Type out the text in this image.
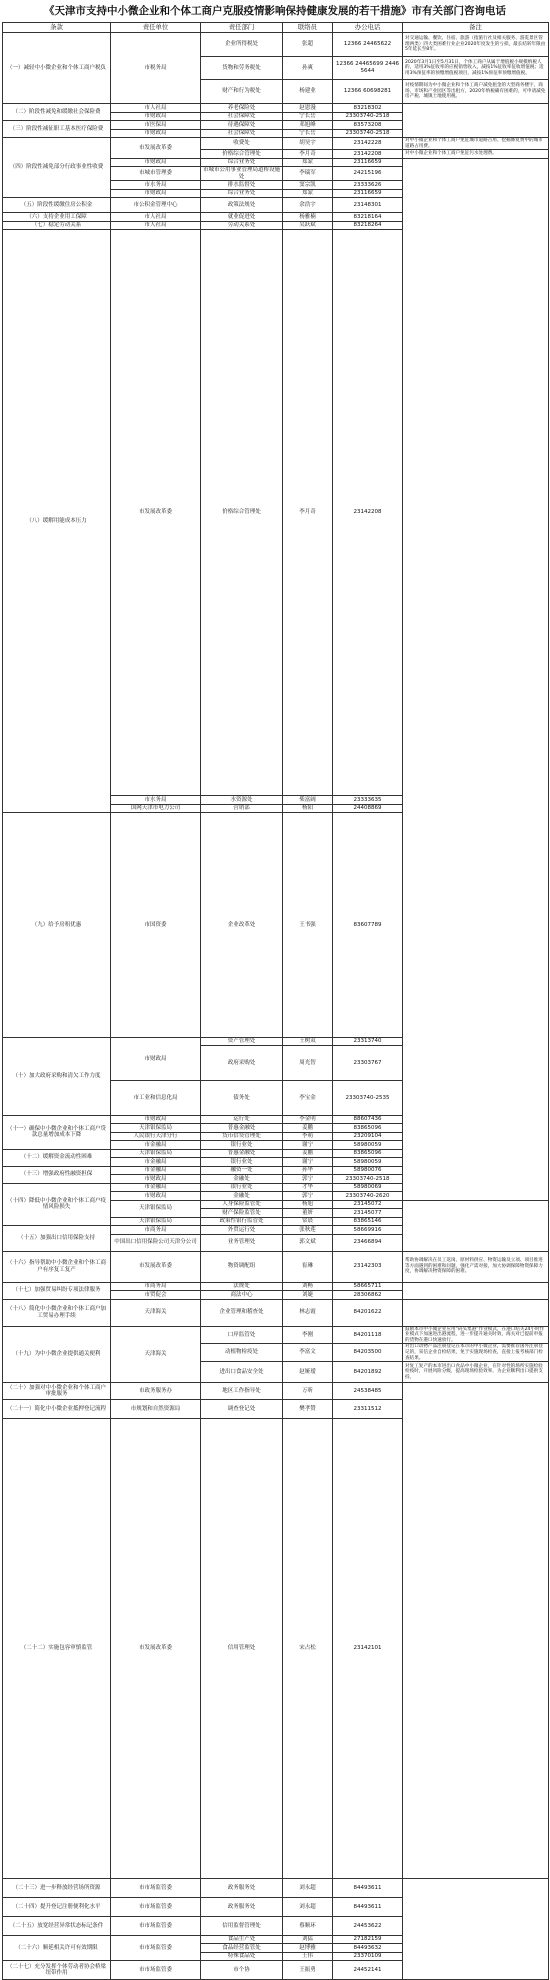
《天津市支持中小微企业和个体工商户克服疫情影响保持健康发展的若干措施》市有关部门咨询电话
条款	责任单位	责任部门	联络员	办公电话	备注	
（一）减轻中小微企业和个体工商户税负	市税务局	企业所得税处	张超	12366 24465622	对交通运输、餐饮、住宿、旅游（指旅行社及相关服务、游览景区管理两类）四大类困难行业企业2020年度发生的亏损，最长结转年限由5年延长至8年。	
		货物和劳务税处	孙爽	12366 24465699 24465644	2020年3月1日至5月31日，个体工商户从属于增值税小规模纳税人的，适用3%征收率的应税销售收入，减按1%征收率征收增值税；适用3%预征率的预缴增值税项目，减按1%预征率预缴增值税。	
		财产和行为税处	杨建业	12366 60698281	对疫情期间为中小微企业和个体工商户减免租金的大型商务楼宇、商场、市场和产业园区等出租方，2020年纳税确有困难的，可申请减免房产税、城镇土地使用税。	
（二）阶段性减免和缓缴社会保险费	市人社局	养老保险处	赵恩漫	83218302		
	市财政局	社会保障处	宁长岳	23303740-2518		
（三）阶段性减征职工基本医疗保险费	市医保局	待遇保障处	邓旭峰	83573208		
	市财政局	社会保障处	宁长岳	23303740-2518		
（四）阶段性减免部分行政事业性收费	市发展改革委	收费处	胡昊宇	23142228	对中小微企业和个体工商户免征城市道路占用、挖掘修复费中的城市道路占用费。	
		价格综合管理处	李月奇	23142208	对中小微企业和个体工商户免征污水处理费。	
	市财政局	综合业务处	郑蒙	23116659		
	市城市管理委	市城市公用事业管理局道桥设施处	李瑞军	24215196		
	市水务局	排水监督处	窦宗凯	23333626		
	市财政局	综合业务处	郑蒙	23116659		
（五）阶段性缓缴住房公积金	市公积金管理中心	政策法规处	余浩宇	23148301		
（六）支持企业用工保障	市人社局	就业促进处	杨雅楠	83218164		
（七）稳定劳动关系	市人社局	劳动关系处	吴跃斌	83218264		
（八）缓解用能成本压力	市发展改革委	价格综合管理处	李月奇	23142208	
	市水务局	水资源处	柴富阔	23333635		
	国网天津市电力公司	营销部	杨阳	24408869		
（九）给予房租优惠	市国资委	企业改革处	王书强	83607789	
（十）加大政府采购和清欠工作力度	市财政局	资产管理处	王树双	23313740		
		政府采购处	周光智	23303767	
	市工业和信息化局	债务处	李宝金	23303740-2535	
（十一）确保中小微企业和个体工商户贷款总量增加成本下降	市财政局	运行处	李金明	88607436		
	天津银保监局	普惠金融处	姜鹏	83865096		
	人民银行天津分行	货币信贷管理处	李萌	23209104		
	市金融局	银行业处	谢宁	58980059		
（十二）缓解资金流动性困难	天津银保监局	普惠金融处	姜鹏	83865096		
	市金融局	银行业处	谢宁	58980059		
（十三）增强政府性融资担保	市金融局	融资一处	孙华	58980076		
	市财政局	金融处	郭宁	23303740-2518		
（十四）降低中小微企业和个体工商户疫情风险损失	市金融局	银行业处	才华	58980069		
	市财政局	金融处	郭宁	23303740-2620		
	天津银保监局	人身保险监管处	杨旭	23145072		
		财产保险监管处	董妍	23145077		
	天津银保监局	政策性银行监管处	常晨	83865146		
（十五）加强出口信用保险支持	市商务局	外贸运行处	张秋莲	58669916		
	中国出口信用保险公司天津分公司	业务管理处	郭文斌	23466894		
（十六）指导帮助中小微企业和个体工商户有序复工复产	市发展改革委	物资调配组	崔琳	23142303	帮助协调解决在员工返岗、原材料供应、物资运输及立项、项目推进等方面遇到的困难和问题，强化产需对接，加大协调保障物资保障力度，协调解决物资保障的困难。	
（十七）加强贸易纠纷专项法律服务	市商务局	法规处	刘畅	58665711		
	市贸促会	商法中心	刘婕	28306862		
（十八）简化中小微企业和个体工商户加工贸易办理手续	天津海关	企业管理和稽查处	林志霞	84201622		
（十九）为中小微企业提供通关便利	天津海关	口岸监管处	李刚	84201118	鼓励本市中小微企业应用“码头集港”作业模式，在港口结关24小时作业模式下加速进出港流程，进一步提升通关时效，海关对已提前申报的货物在港口快速放行。	
		动植物检疫处	李富文	84203500	对出口动物产品注册登记在本市的中小微企业，需要推荐国外注册登记的，采信企业自检结果，免于实施现场检查，直接上报考核部门检查结果。	
		进出口食品安全处	赵娅瑷	84201892	对复工复产的本市进出口食品中小微企业，在针对性的场所实施检验检疫时，开展风险分级，提高现场检验效率，为企业顺利出口提供支持。	
（二十）加强对中小微企业和个体工商户审批服务	市政务服务办	地区工作指导处	万昕	24538485		
（二十一）简化中小微企业抵押登记流程	市规划和自然资源局	调查登记处	樊孝赞	23311512		
（二十二）实施包容审慎监管	市发展改革委	信用管理处	宋占松	23142101	
（二十三）进一步释放经营场所资源	市市场监管委	政务服务处	刘永超	84493611		
（二十四）提升登记注册便利化水平	市市场监管委	政务服务处	刘永超	84493611		
（二十五）放宽经营异常状态标记条件	市市场监管委	信用监督管理处	蔡顺环	24453622		
（二十六）顺延相关许可有效期限	市市场监管委	食品生产处	刘猛	27182159		
		食品经营监管处	赵博雅	84493632		
		特殊食品处	王伟	23370109		
（二十七）充分发挥个体劳动者协会桥梁纽带作用	市市场监管委	市个协	王振勇	24452141		
